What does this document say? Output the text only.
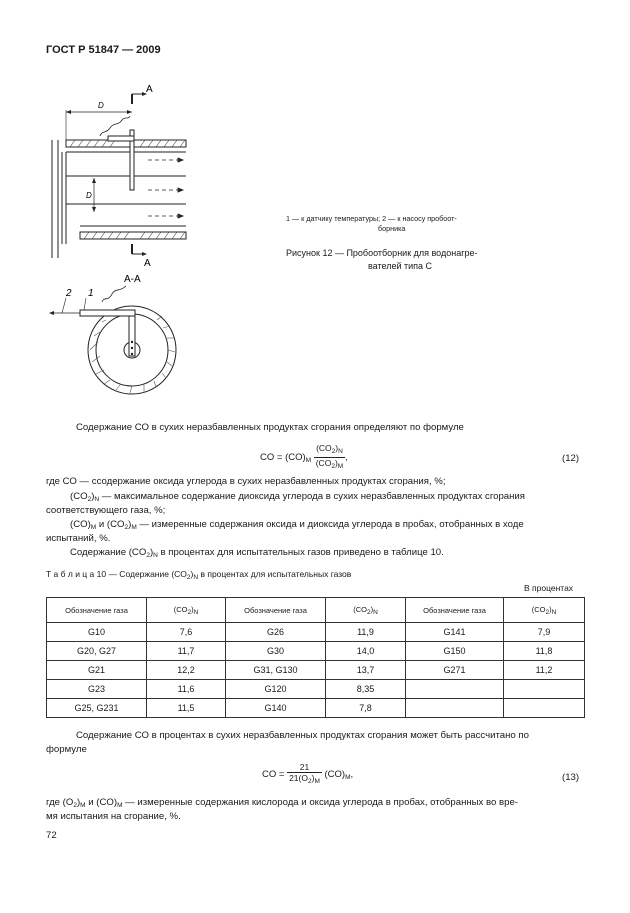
ГОСТ Р 51847 — 2009
D
D
A
A
A-A
2 1
1 — к датчику температуры; 2 — к насосу пробоот-
борника
Рисунок 12 — Пробоотборник для водонагре-
вателей типа С
Содержание СО в сухих неразбавленных продуктах сгорания определяют по формуле
CO = $(CO)_M \frac{(CO_2)_N}{(CO_2)_M}$ ,	(12)
где СО — ссодержание оксида углерода в сухих неразбавленных продуктах сгорания, %;
$(CO_2)_N$ — максимальное содержание диоксида углерода в сухих неразбавленных продуктах сгорания
соответствующего газа, %;
$(CO)_M$ и $(CO_2)_M$ — измеренные содержания оксида и диоксида углерода в пробах, отобранных в ходе
испытаний, %.
Содержание $(CO_2)_N$ в процентах для испытательных газов приведено в таблице 10.
Т а б л и ц а 10 — Содержание $(CO_2)_N$ в процентах для испытательных газов
В процентах
Обозначение газа	(CO2)N	Обозначение газа	(CO2)N	Обозначение газа	(CO2)N
G10	7,6	G26	11,9	G141	7,9
G20, G27	11,7	G30	14,0	G150	11,8
G21	12,2	G31, G130	13,7	G271	11,2
G23	11,6	G120	8,35		
G25, G231	11,5	G140	7,8		
Содержание СО в процентах в сухих неразбавленных продуктах сгорания может быть рассчитано по
формуле
CO = $\frac{21}{21(O_2)_M} (CO)_M$,	(13)
где $(O_2)_M$ и $(CO)_M$ — измеренные содержания кислорода и оксида углерода в пробах, отобранных во вре-
мя испытания на сгорание, %.
72
